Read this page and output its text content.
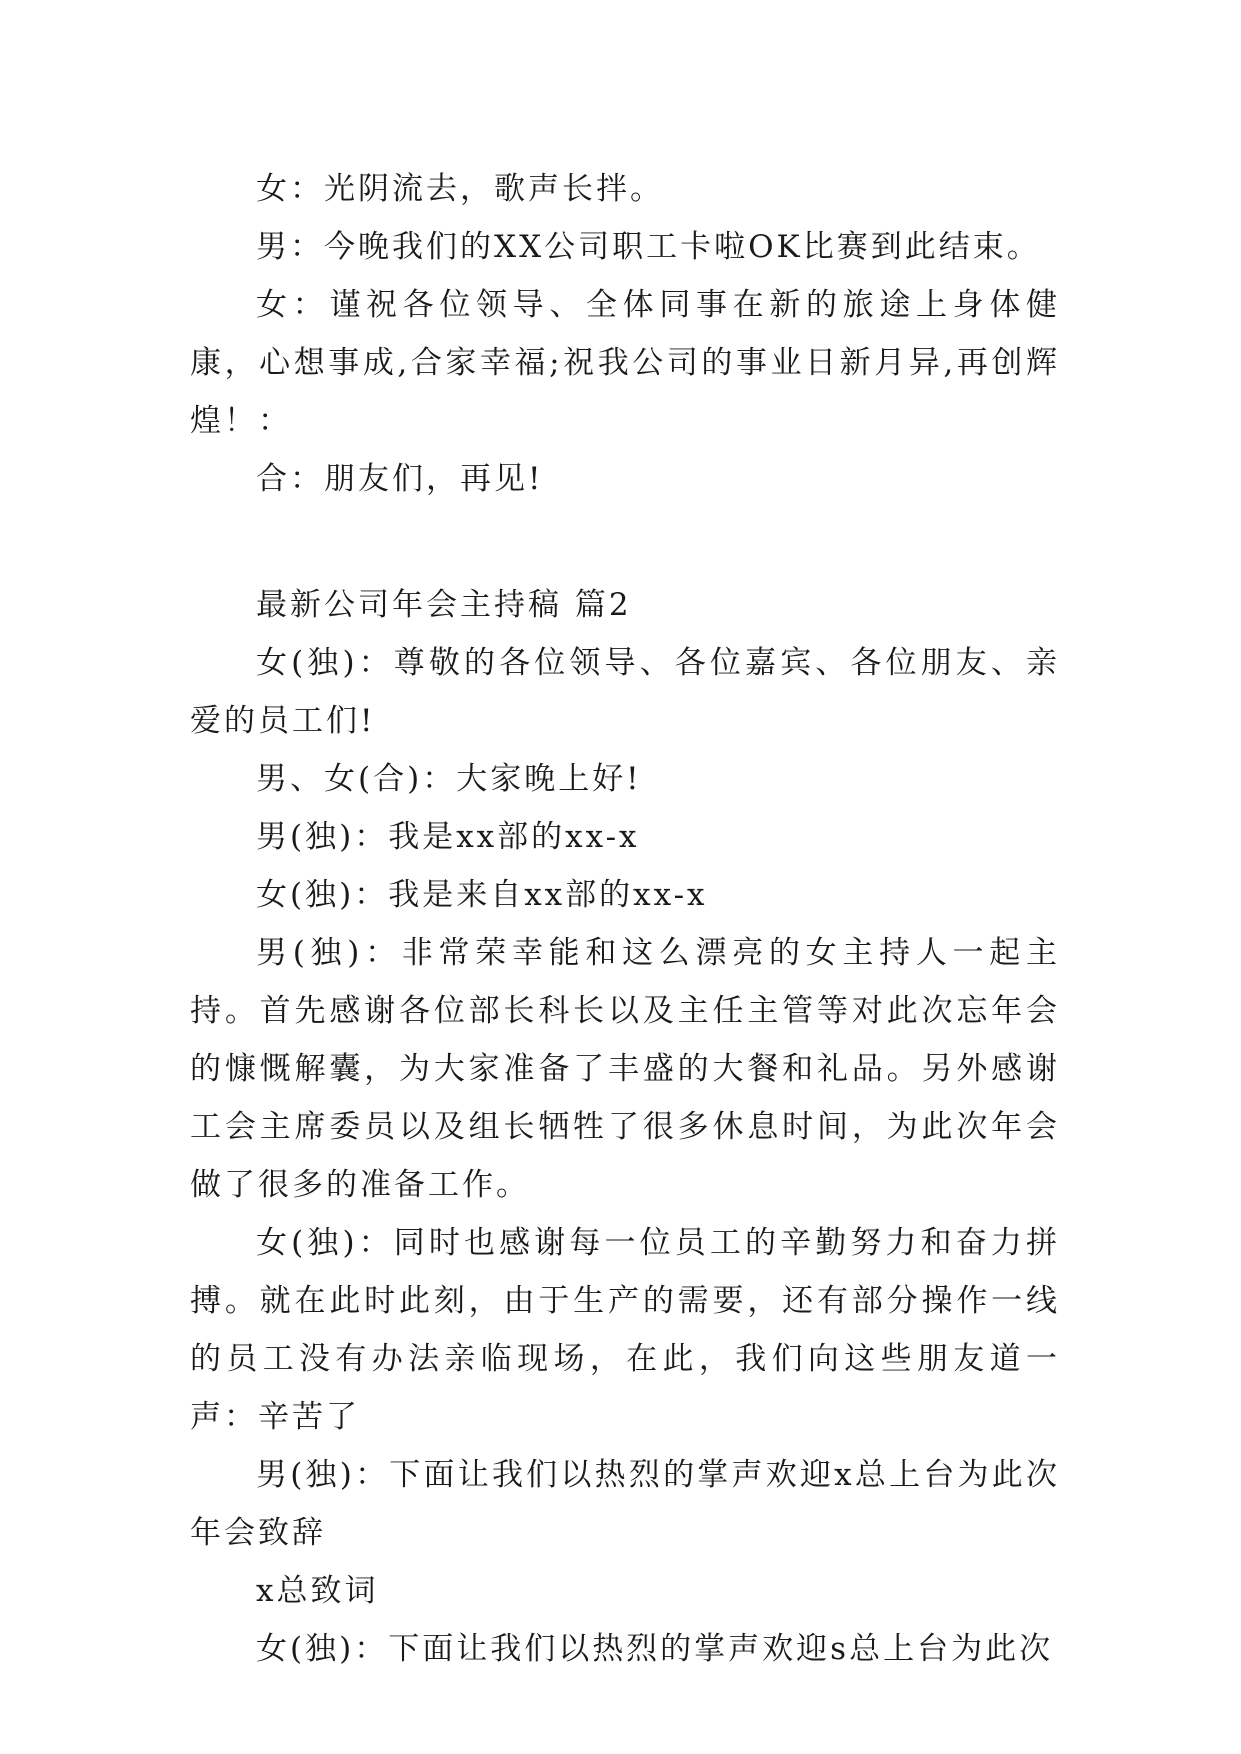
女：光阴流去，歌声长拌。

男：今晚我们的XX公司职工卡啦OK比赛到此结束。

女：谨祝各位领导、全体同事在新的旅途上身体健康，心想事成,合家幸福;祝我公司的事业日新月异,再创辉煌！：

合：朋友们，再见!

最新公司年会主持稿 篇2

女(独)：尊敬的各位领导、各位嘉宾、各位朋友、亲爱的员工们!

男、女(合)：大家晚上好!

男(独)：我是xx部的xx-x

女(独)：我是来自xx部的xx-x

男(独)：非常荣幸能和这么漂亮的女主持人一起主持。首先感谢各位部长科长以及主任主管等对此次忘年会的慷慨解囊，为大家准备了丰盛的大餐和礼品。另外感谢工会主席委员以及组长牺牲了很多休息时间，为此次年会做了很多的准备工作。

女(独)：同时也感谢每一位员工的辛勤努力和奋力拼搏。就在此时此刻，由于生产的需要，还有部分操作一线的员工没有办法亲临现场，在此，我们向这些朋友道一声：辛苦了

男(独)：下面让我们以热烈的掌声欢迎x总上台为此次年会致辞

x总致词

女(独)：下面让我们以热烈的掌声欢迎s总上台为此次
